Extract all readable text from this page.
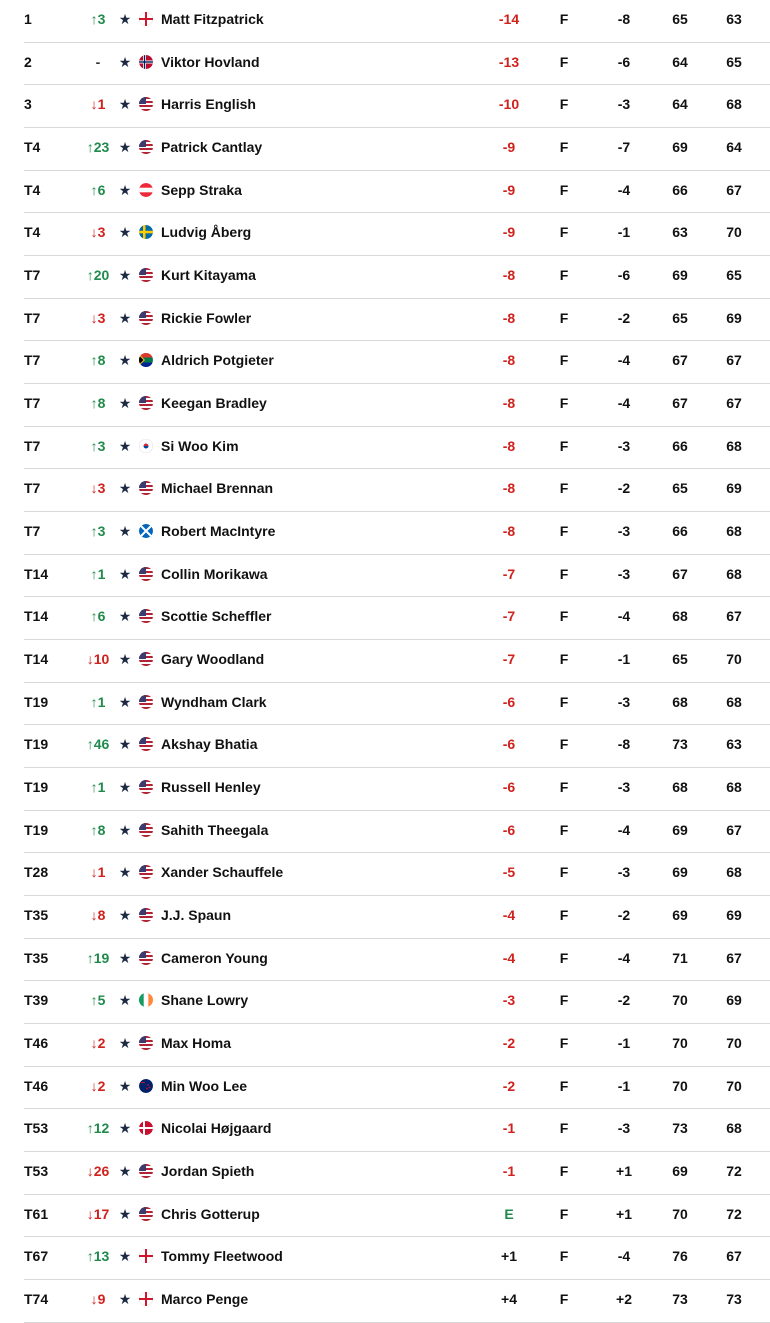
1	↑3 ★ Matt Fitzpatrick	-14	F	-8	65	63
2	-	★ Viktor Hovland	-13	F	-6	64	65
3	↓1 ★ Harris English	-10	F	-3	64	68
T4	↑23 ★ Patrick Cantlay	-9	F	-7	69	64
T4	↑6 ★ Sepp Straka	-9	F	-4	66	67
T4	↓3 ★ Ludvig Åberg	-9	F	-1	63	70
T7	↑20 ★ Kurt Kitayama	-8	F	-6	69	65
T7	↓3 ★ Rickie Fowler	-8	F	-2	65	69
T7	↑8 ★ Aldrich Potgieter	-8	F	-4	67	67
T7	↑8 ★ Keegan Bradley	-8	F	-4	67	67
T7	↑3 ★ Si Woo Kim	-8	F	-3	66	68
T7	↓3 ★ Michael Brennan	-8	F	-2	65	69
T7	↑3 ★ Robert MacIntyre	-8	F	-3	66	68
T14	↑1 ★ Collin Morikawa	-7	F	-3	67	68
T14	↑6 ★ Scottie Scheffler	-7	F	-4	68	67
T14	↓10 ★ Gary Woodland	-7	F	-1	65	70
T19	↑1 ★ Wyndham Clark	-6	F	-3	68	68
T19	↑46 ★ Akshay Bhatia	-6	F	-8	73	63
T19	↑1 ★ Russell Henley	-6	F	-3	68	68
T19	↑8 ★ Sahith Theegala	-6	F	-4	69	67
T28	↓1 ★ Xander Schauffele	-5	F	-3	69	68
T35	↓8 ★ J.J. Spaun	-4	F	-2	69	69
T35	↑19 ★ Cameron Young	-4	F	-4	71	67
T39	↑5 ★ Shane Lowry	-3	F	-2	70	69
T46	↓2 ★ Max Homa	-2	F	-1	70	70
T46	↓2 ★ Min Woo Lee	-2	F	-1	70	70
T53	↑12 ★ Nicolai Højgaard	-1	F	-3	73	68
T53	↓26 ★ Jordan Spieth	-1	F	+1	69	72
T61	↓17 ★ Chris Gotterup	E	F	+1	70	72
T67	↑13 ★ Tommy Fleetwood	+1	F	-4	76	67
T74	↓9 ★ Marco Penge	+4	F	+2	73	73
